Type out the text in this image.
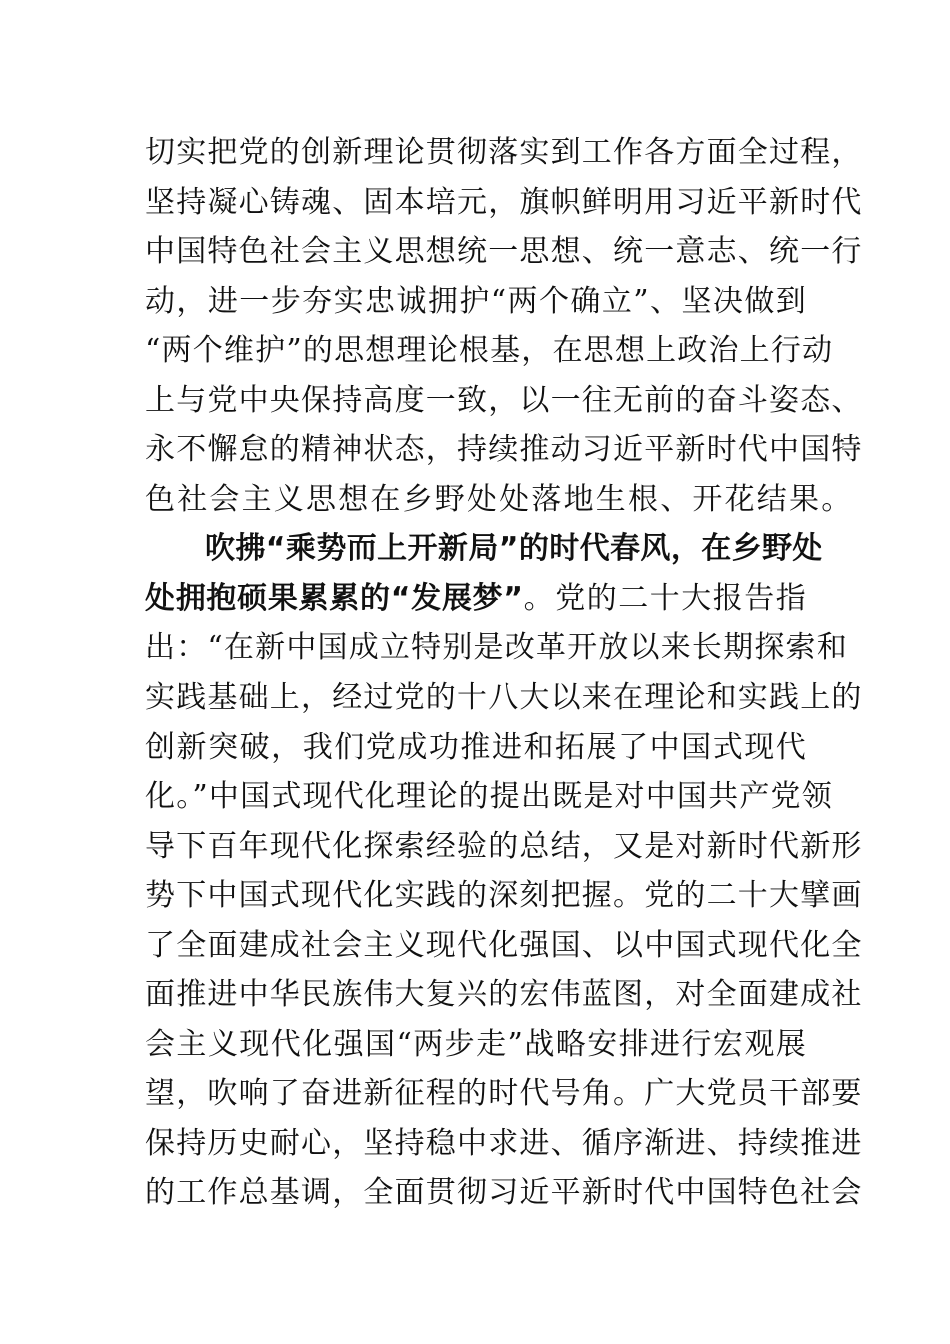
切实把党的创新理论贯彻落实到工作各方面全过程，
坚持凝心铸魂、固本培元，旗帜鲜明用习近平新时代
中国特色社会主义思想统一思想、统一意志、统一行
动，进一步夯实忠诚拥护“两个确立”、坚决做到
“两个维护”的思想理论根基，在思想上政治上行动
上与党中央保持高度一致，以一往无前的奋斗姿态、
永不懈怠的精神状态，持续推动习近平新时代中国特
色社会主义思想在乡野处处落地生根、开花结果。
吹拂“乘势而上开新局”的时代春风，在乡野处
处拥抱硕果累累的“发展梦”。党的二十大报告指
出：“在新中国成立特别是改革开放以来长期探索和
实践基础上，经过党的十八大以来在理论和实践上的
创新突破，我们党成功推进和拓展了中国式现代
化。”中国式现代化理论的提出既是对中国共产党领
导下百年现代化探索经验的总结，又是对新时代新形
势下中国式现代化实践的深刻把握。党的二十大擘画
了全面建成社会主义现代化强国、以中国式现代化全
面推进中华民族伟大复兴的宏伟蓝图，对全面建成社
会主义现代化强国“两步走”战略安排进行宏观展
望，吹响了奋进新征程的时代号角。广大党员干部要
保持历史耐心，坚持稳中求进、循序渐进、持续推进
的工作总基调，全面贯彻习近平新时代中国特色社会
